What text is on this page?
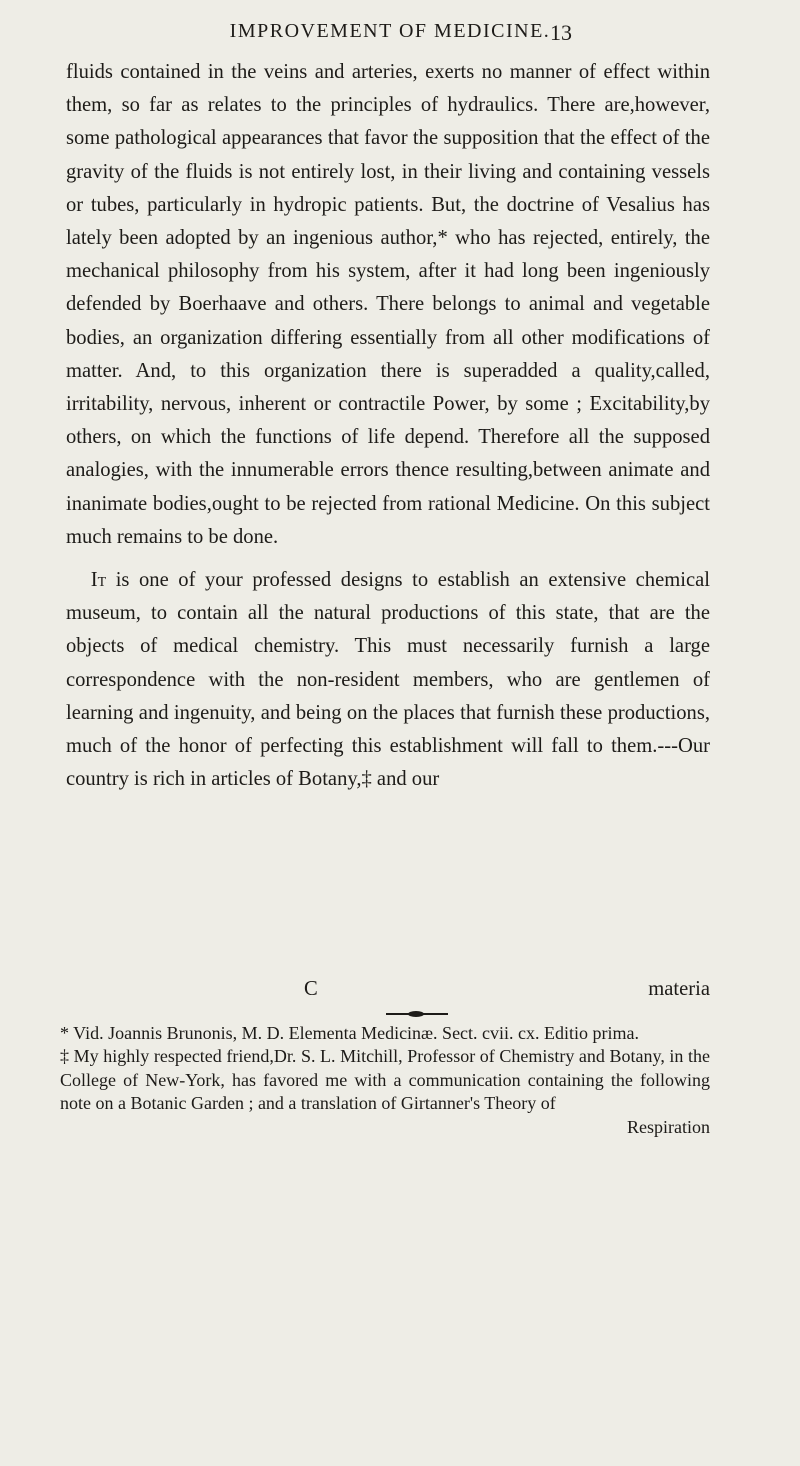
IMPROVEMENT OF MEDICINE. 13

fluids contained in the veins and arteries, exerts no manner of effect within them, so far as relates to the principles of hydraulics. There are,however, some pathological appearances that favor the supposition that the effect of the gravity of the fluids is not entirely lost, in their living and containing vessels or tubes, particularly in hydropic patients. But, the doctrine of Vesalius has lately been adopted by an ingenious author,* who has rejected, entirely, the mechanical philosophy from his system, after it had long been ingeniously defended by Boerhaave and others. There belongs to animal and vegetable bodies, an organization differing essentially from all other modifications of matter. And, to this organization there is superadded a quality,called, irritability, nervous, inherent or contractile Power, by some ; Excitability,by others, on which the functions of life depend. Therefore all the supposed analogies, with the innumerable errors thence resulting,between animate and inanimate bodies,ought to be rejected from rational Medicine. On this subject much remains to be done.

It is one of your professed designs to establish an extensive chemical museum, to contain all the natural productions of this state, that are the objects of medical chemistry. This must necessarily furnish a large correspondence with the non-resident members, who are gentlemen of learning and ingenuity, and being on the places that furnish these productions, much of the honor of perfecting this establishment will fall to them.---Our country is rich in articles of Botany,‡ and our

C	materia

* Vid. Joannis Brunonis, M. D. Elementa Medicinæ. Sect. cvii. cx. Editio prima.

‡ My highly respected friend,Dr. S. L. Mitchill, Professor of Chemistry and Botany, in the College of New-York, has favored me with a communication containing the following note on a Botanic Garden ; and a translation of Girtanner's Theory of

Respiration
